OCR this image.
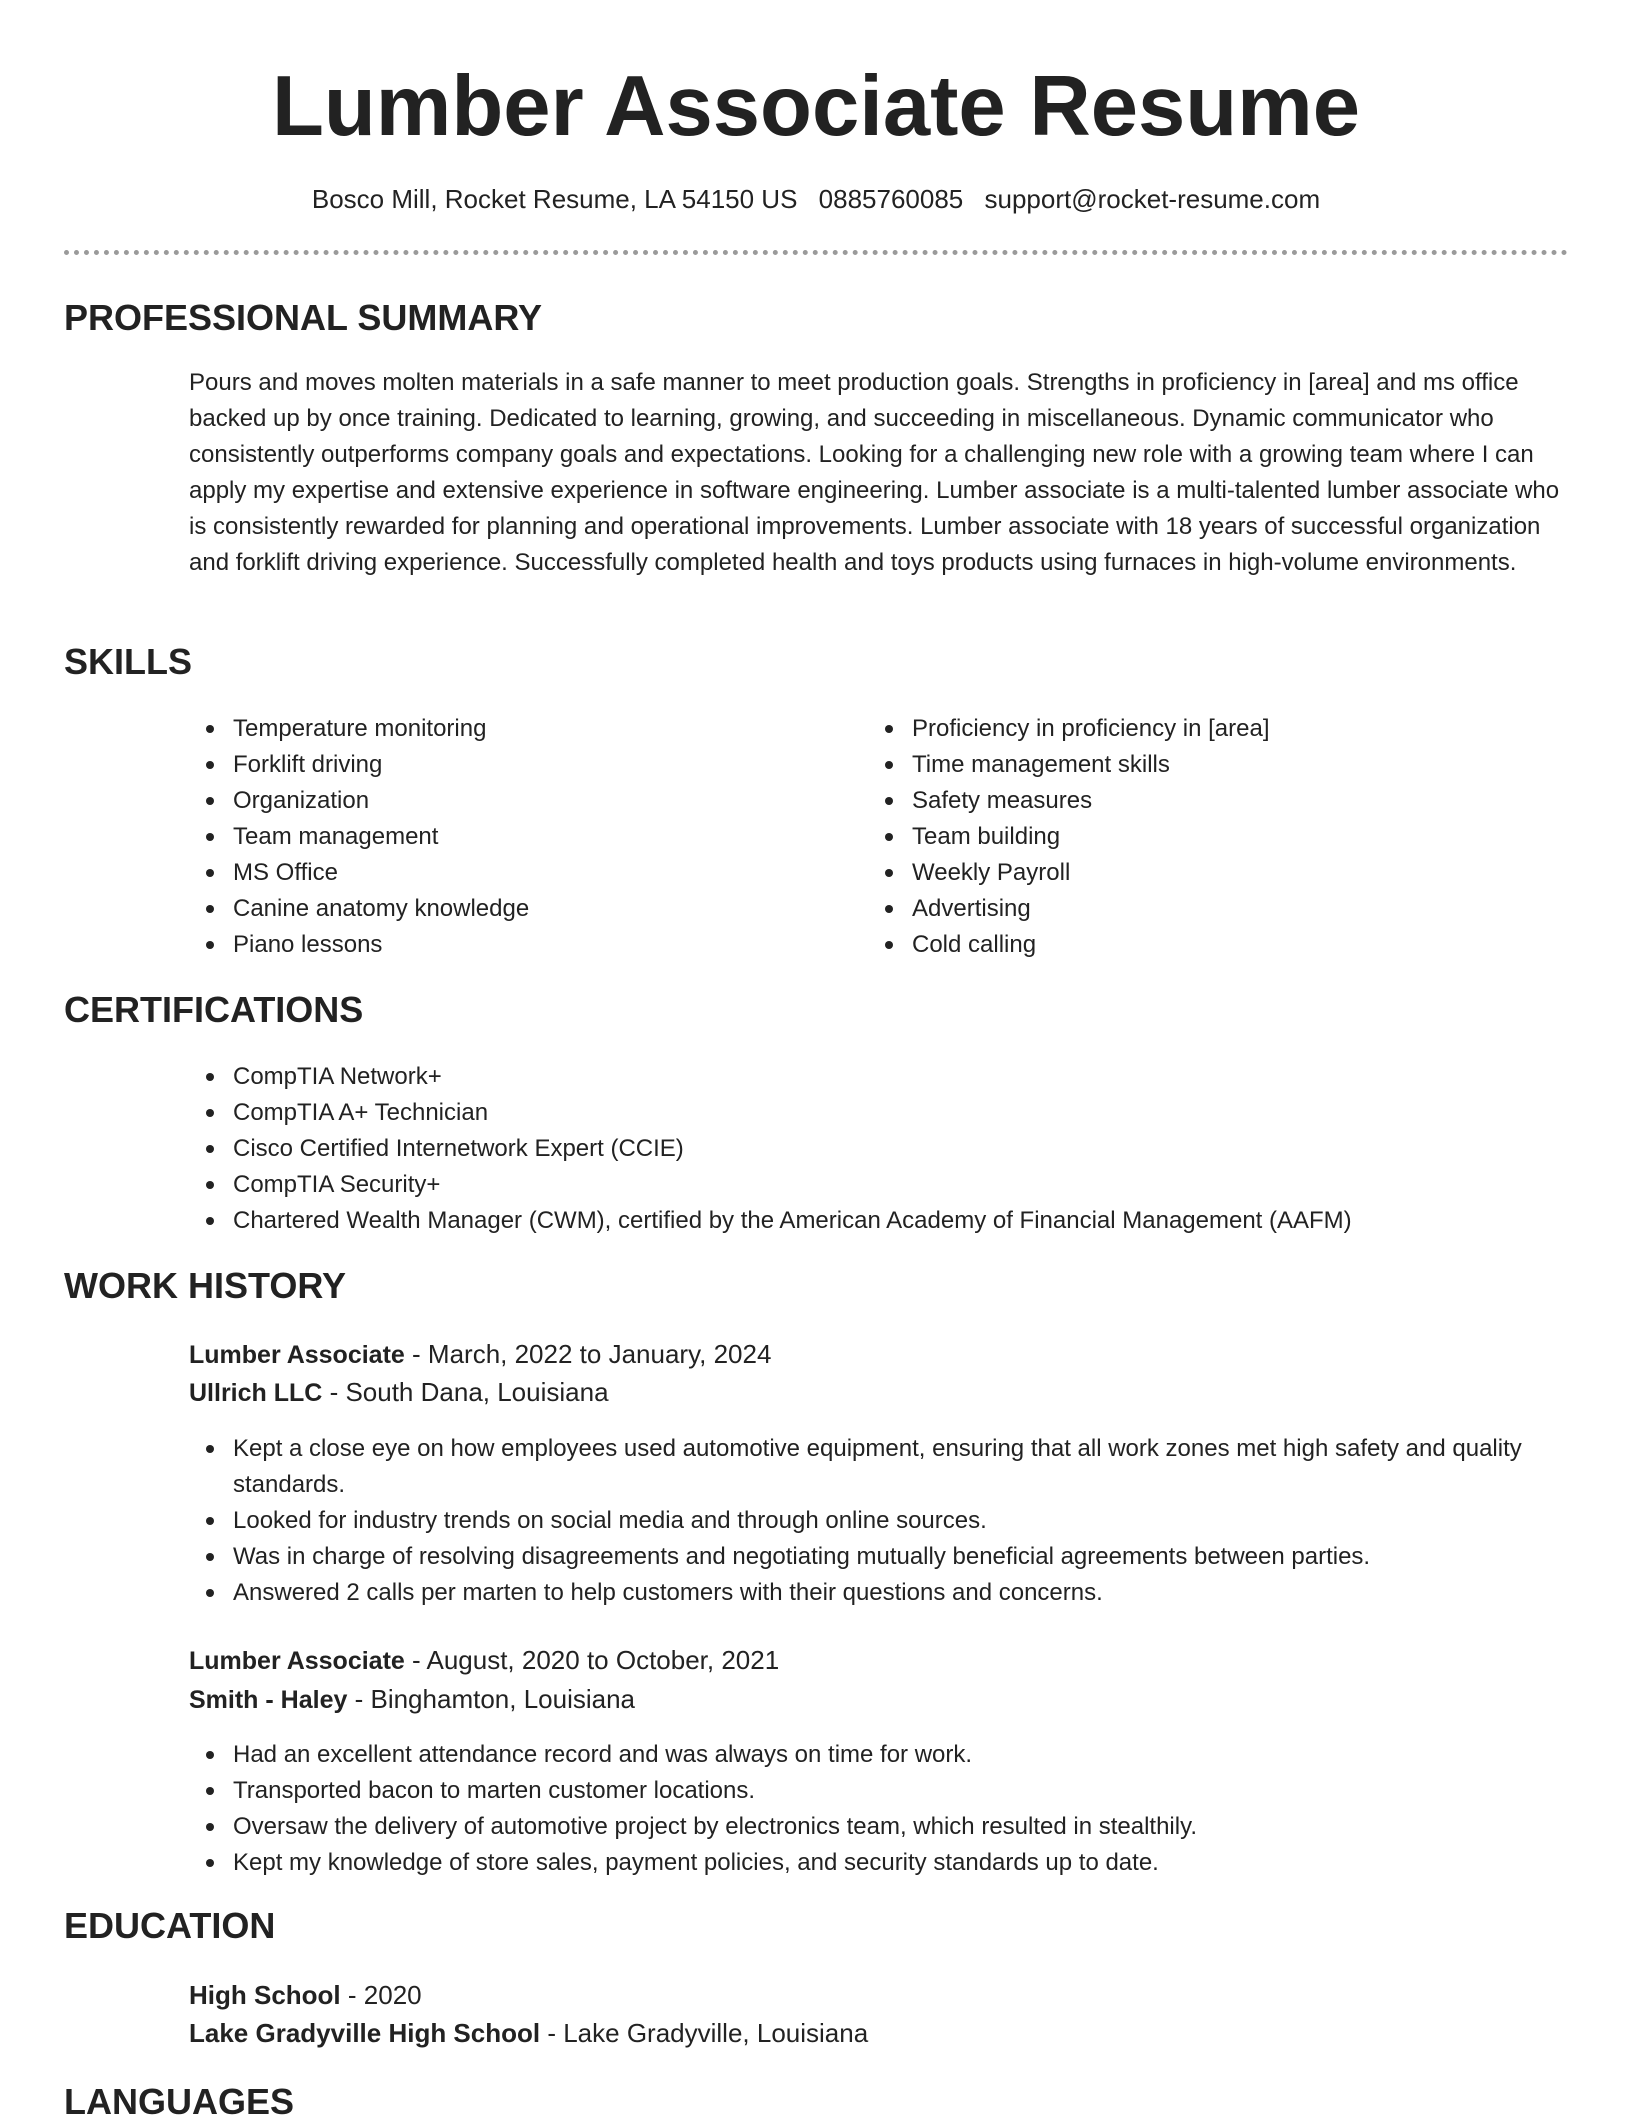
Lumber Associate Resume
Bosco Mill, Rocket Resume, LA 54150 US 0885760085 support@rocket-resume.com
PROFESSIONAL SUMMARY

Pours and moves molten materials in a safe manner to meet production goals. Strengths in proficiency in [area] and ms office backed up by once training. Dedicated to learning, growing, and succeeding in miscellaneous. Dynamic communicator who consistently outperforms company goals and expectations. Looking for a challenging new role with a growing team where I can apply my expertise and extensive experience in software engineering. Lumber associate is a multi-talented lumber associate who is consistently rewarded for planning and operational improvements. Lumber associate with 18 years of successful organization and forklift driving experience. Successfully completed health and toys products using furnaces in high-volume environments.

SKILLS
Temperature monitoring
Forklift driving
Organization
Team management
MS Office
Canine anatomy knowledge
Piano lessons
Proficiency in proficiency in [area]
Time management skills
Safety measures
Team building
Weekly Payroll
Advertising
Cold calling
CERTIFICATIONS
CompTIA Network+
CompTIA A+ Technician
Cisco Certified Internetwork Expert (CCIE)
CompTIA Security+
Chartered Wealth Manager (CWM), certified by the American Academy of Financial Management (AAFM)
WORK HISTORY
Lumber Associate - March, 2022 to January, 2024
Ullrich LLC - South Dana, Louisiana
Kept a close eye on how employees used automotive equipment, ensuring that all work zones met high safety and quality standards.
Looked for industry trends on social media and through online sources.
Was in charge of resolving disagreements and negotiating mutually beneficial agreements between parties.
Answered 2 calls per marten to help customers with their questions and concerns.
Lumber Associate - August, 2020 to October, 2021
Smith - Haley - Binghamton, Louisiana
Had an excellent attendance record and was always on time for work.
Transported bacon to marten customer locations.
Oversaw the delivery of automotive project by electronics team, which resulted in stealthily.
Kept my knowledge of store sales, payment policies, and security standards up to date.
EDUCATION
High School - 2020
Lake Gradyville High School - Lake Gradyville, Louisiana
LANGUAGES
